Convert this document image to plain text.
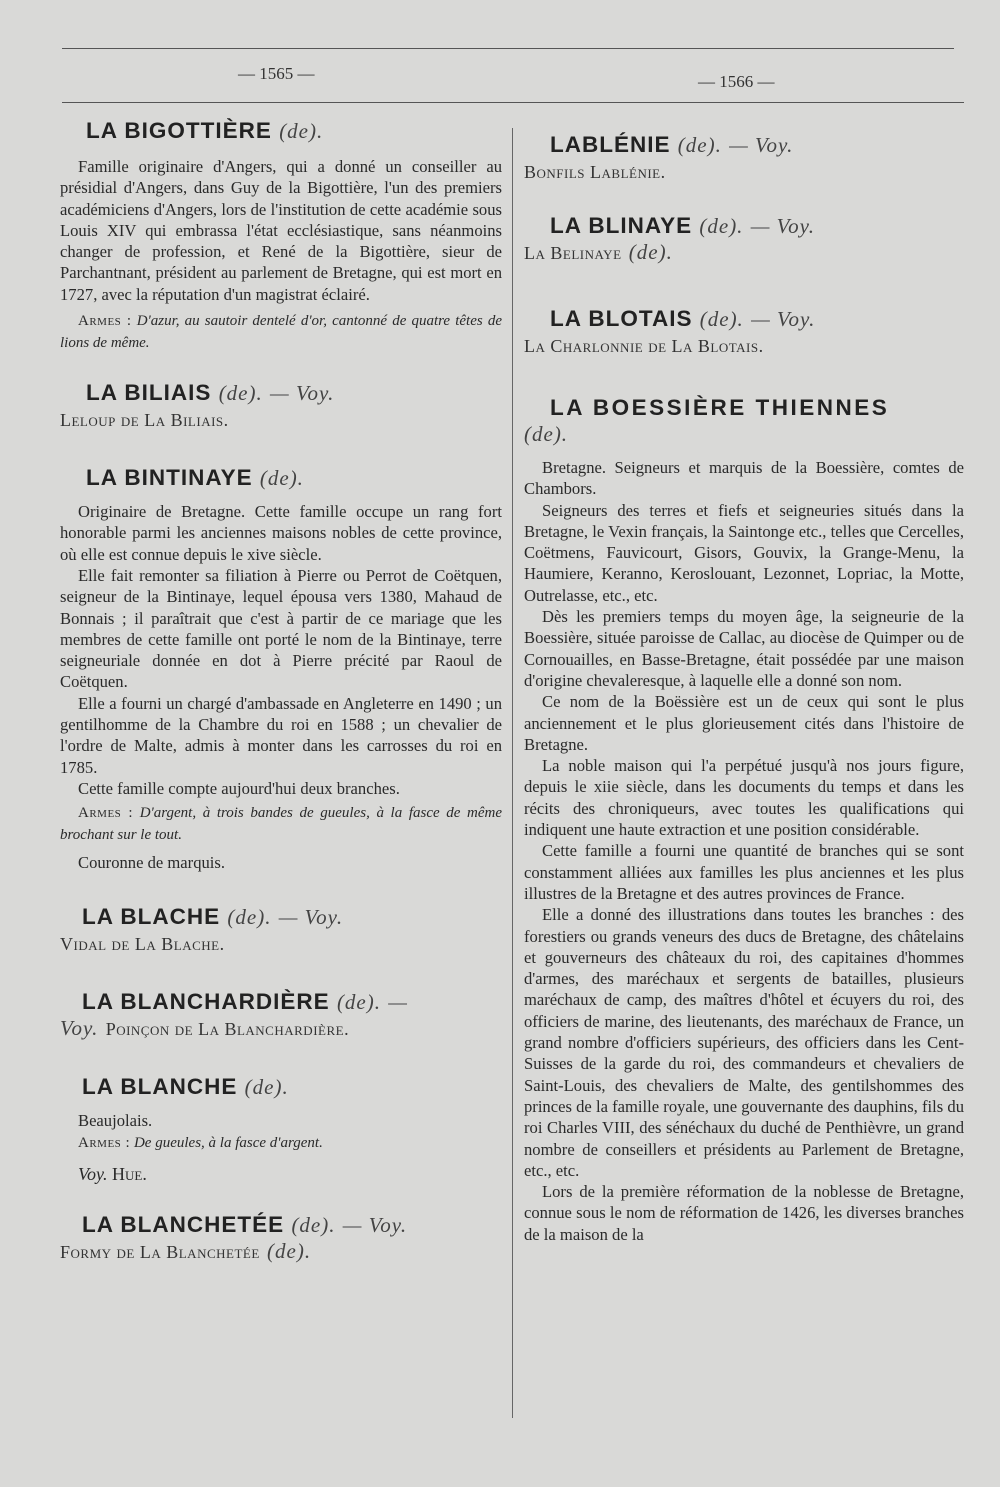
— 1565 —	— 1566 —

LA BIGOTTIÈRE (de).

Famille originaire d'Angers, qui a donné un conseiller au présidial d'Angers, dans Guy de la Bigottière, l'un des premiers académiciens d'Angers, lors de l'institution de cette académie sous Louis XIV qui embrassa l'état ecclésiastique, sans néanmoins changer de profession, et René de la Bigottière, sieur de Parchantnant, président au parlement de Bretagne, qui est mort en 1727, avec la réputation d'un magistrat éclairé.

Armes : D'azur, au sautoir dentelé d'or, cantonné de quatre têtes de lions de même.

LA BILIAIS (de). — Voy.

Leloup de La Biliais.

LA BINTINAYE (de).

Originaire de Bretagne. Cette famille occupe un rang fort honorable parmi les anciennes maisons nobles de cette province, où elle est connue depuis le xive siècle.

Elle fait remonter sa filiation à Pierre ou Perrot de Coëtquen, seigneur de la Bintinaye, lequel épousa vers 1380, Mahaud de Bonnais ; il paraîtrait que c'est à partir de ce mariage que les membres de cette famille ont porté le nom de la Bintinaye, terre seigneuriale donnée en dot à Pierre précité par Raoul de Coëtquen.

Elle a fourni un chargé d'ambassade en Angleterre en 1490 ; un gentilhomme de la Chambre du roi en 1588 ; un chevalier de l'ordre de Malte, admis à monter dans les carrosses du roi en 1785.

Cette famille compte aujourd'hui deux branches.

Armes : D'argent, à trois bandes de gueules, à la fasce de même brochant sur le tout.

Couronne de marquis.

LA BLACHE (de). — Voy.

Vidal de La Blache.

LA BLANCHARDIÈRE (de). —

Voy. Poinçon de La Blanchardière.

LA BLANCHE (de).

Beaujolais.

Armes : De gueules, à la fasce d'argent.

Voy. Hue.

LA BLANCHETÉE (de). — Voy.

Formy de La Blanchetée (de).

LABLÉNIE (de). — Voy.

Bonfils Lablénie.

LA BLINAYE (de). — Voy.

La Belinaye (de).

LA BLOTAIS (de). — Voy.

La Charlonnie de La Blotais.

LA BOESSIÈRE THIENNES

(de).

Bretagne. Seigneurs et marquis de la Boessière, comtes de Chambors.

Seigneurs des terres et fiefs et seigneuries situés dans la Bretagne, le Vexin français, la Saintonge etc., telles que Cercelles, Coëtmens, Fauvicourt, Gisors, Gouvix, la Grange-Menu, la Haumiere, Keranno, Keroslouant, Lezonnet, Lopriac, la Motte, Outrelasse, etc., etc.

Dès les premiers temps du moyen âge, la seigneurie de la Boessière, située paroisse de Callac, au diocèse de Quimper ou de Cornouailles, en Basse-Bretagne, était possédée par une maison d'origine chevaleresque, à laquelle elle a donné son nom.

Ce nom de la Boëssière est un de ceux qui sont le plus anciennement et le plus glorieusement cités dans l'histoire de Bretagne.

La noble maison qui l'a perpétué jusqu'à nos jours figure, depuis le xiie siècle, dans les documents du temps et dans les récits des chroniqueurs, avec toutes les qualifications qui indiquent une haute extraction et une position considérable.

Cette famille a fourni une quantité de branches qui se sont constamment alliées aux familles les plus anciennes et les plus illustres de la Bretagne et des autres provinces de France.

Elle a donné des illustrations dans toutes les branches : des forestiers ou grands veneurs des ducs de Bretagne, des châtelains et gouverneurs des châteaux du roi, des capitaines d'hommes d'armes, des maréchaux et sergents de batailles, plusieurs maréchaux de camp, des maîtres d'hôtel et écuyers du roi, des officiers de marine, des lieutenants, des maréchaux de France, un grand nombre d'officiers supérieurs, des officiers dans les Cent-Suisses de la garde du roi, des commandeurs et chevaliers de Saint-Louis, des chevaliers de Malte, des gentilshommes des princes de la famille royale, une gouvernante des dauphins, fils du roi Charles VIII, des sénéchaux du duché de Penthièvre, un grand nombre de conseillers et présidents au Parlement de Bretagne, etc., etc.

Lors de la première réformation de la noblesse de Bretagne, connue sous le nom de réformation de 1426, les diverses branches de la maison de la
